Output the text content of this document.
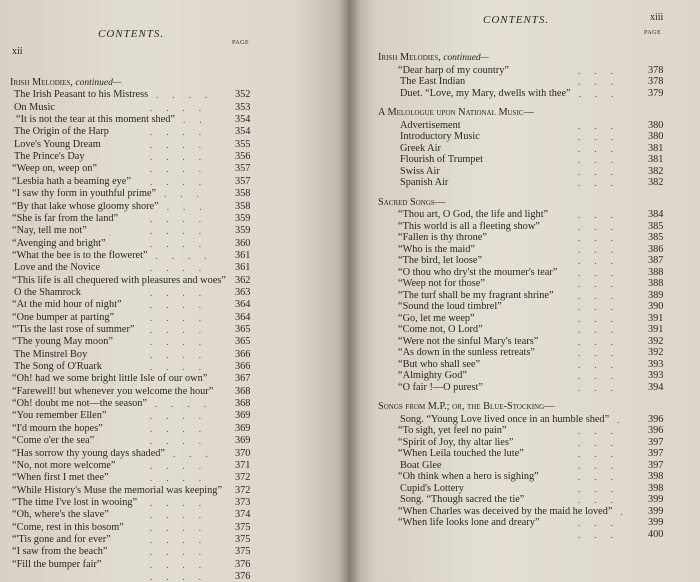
xii
CONTENTS.
PAGE
Irish Melodies, continued—
The Irish Peasant to his Mistress .... 352
On Music	.... 353
“It is not the tear at this moment shed” .. 354
The Origin of the Harp	.... 354
Love's Young Dream	.... 355
The Prince's Day	.... 356
“Weep on, weep on”	.... 357
“Lesbia hath a beaming eye” .... 357
“I saw thy form in youthful prime” ... 358
“By that lake whose gloomy shore” ... 358
“She is far from the land”	.... 359
“Nay, tell me not”	.... 359
“Avenging and bright”	.... 360
“What the bee is to the floweret” .... 361
Love and the Novice	.... 361
“This life is all chequered with pleasures and woes” 362
O the Shamrock	.... 363
“At the mid hour of night”	.... 364
“One bumper at parting”	.... 364
“'Tis the last rose of summer” .... 365
“The young May moon”	.... 365
The Minstrel Boy	.... 366
The Song of O'Ruark	.... 366
“Oh! had we some bright little Isle of our own”	367
“Farewell! but whenever you welcome the hour” 368
“Oh! doubt me not—the season” .... 368
“You remember Ellen”	.... 369
“I'd mourn the hopes”	.... 369
“Come o'er the sea”	.... 369
“Has sorrow thy young days shaded” ... 370
“No, not more welcome”	.... 371
“When first I met thee”	.... 372
“While History's Muse the memorial was keeping” 372
“The time I've lost in wooing” .... 373
“Oh, where's the slave”	.... 374
“Come, rest in this bosom”	.... 375
“'Tis gone and for ever”	.... 375
“I saw from the beach”	.... 375
“Fill the bumper fair”	.... 376
.... 376
CONTENTS.	xiii
PAGE
Irish Melodies, continued—
“Dear harp of my country”	... 378
The East Indian	... 378
Duet. “Love, my Mary, dwells with thee” ... 379
A Melologue upon National Music—
Advertisement	... 380
Introductory Music	... 380
Greek Air	... 381
Flourish of Trumpet	... 381
Swiss Air	... 382
Spanish Air	... 382
Sacred Songs—
“Thou art, O God, the life and light”	... 384
“This world is all a fleeting show”	... 385
“Fallen is thy throne”	... 385
“Who is the maid”	... 386
“The bird, let loose”	... 387
“O thou who dry'st the mourner's tear” ... 388
“Weep not for those”	... 388
“The turf shall be my fragrant shrine”	... 389
“Sound the loud timbrel”	... 390
“Go, let me weep”	... 391
“Come not, O Lord”	... 391
“Were not the sinful Mary's tears”	... 392
“As down in the sunless retreats”	... 392
“But who shall see”	... 393
“Almighty God”	... 393
“O fair !—O purest”	... 394
Songs from M.P.; or, the Blue-Stocking—
Song. “Young Love lived once in an humble shed” . 396
“To sigh, yet feel no pain”	... 396
“Spirit of Joy, thy altar lies”	... 397
“When Leila touched the lute”	... 397
Boat Glee	... 397
“Oh think when a hero is sighing”	... 398
Cupid's Lottery	... 398
Song. “Though sacred the tie”	... 399
“When Charles was deceived by the maid he loved” . 399
“When life looks lone and dreary”	... 399
... 400
